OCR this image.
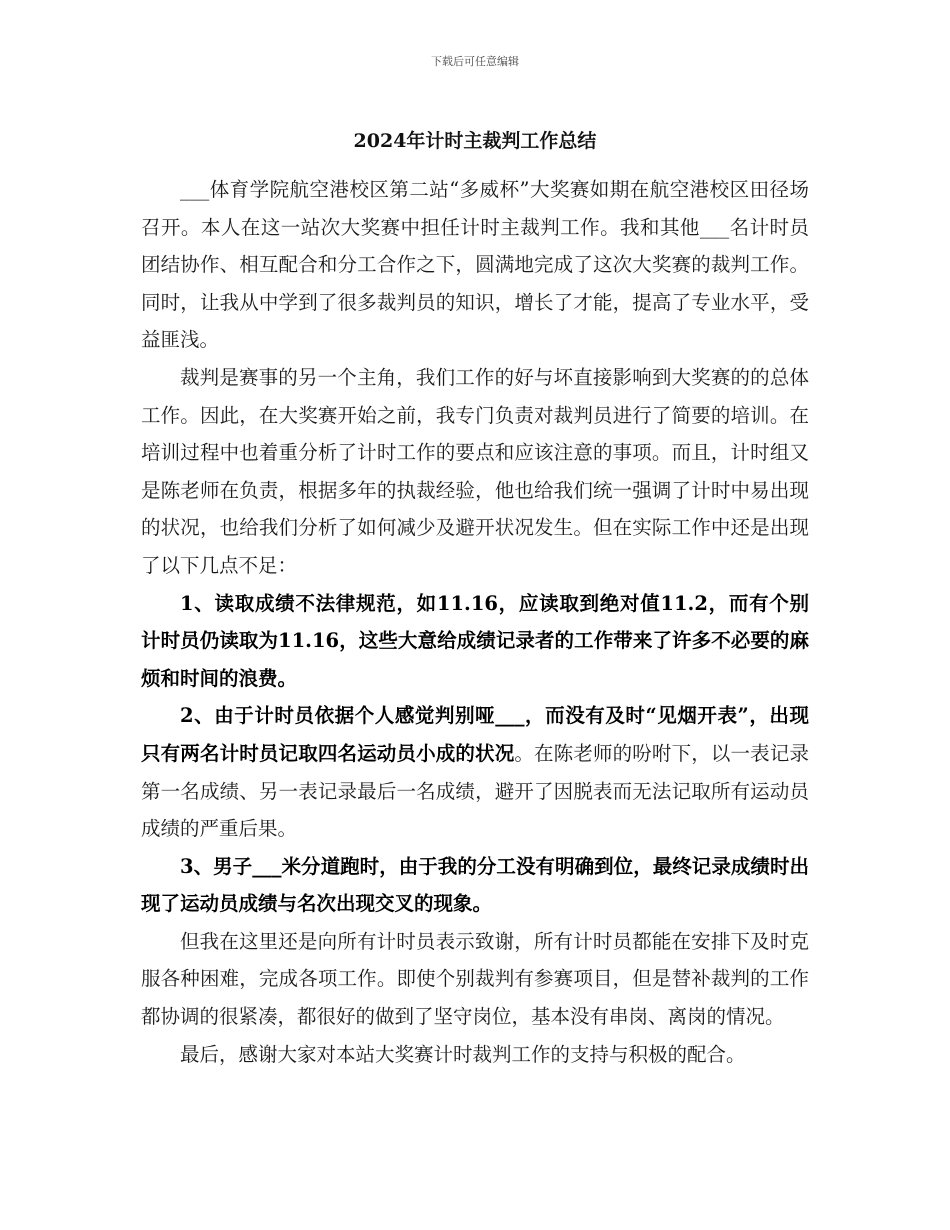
下载后可任意编辑
2024年计时主裁判工作总结

___体育学院航空港校区第二站“多威杯”大奖赛如期在航空港校区田径场召开。本人在这一站次大奖赛中担任计时主裁判工作。我和其他___名计时员团结协作、相互配合和分工合作之下，圆满地完成了这次大奖赛的裁判工作。同时，让我从中学到了很多裁判员的知识，增长了才能，提高了专业水平，受益匪浅。

裁判是赛事的另一个主角，我们工作的好与坏直接影响到大奖赛的的总体工作。因此，在大奖赛开始之前，我专门负责对裁判员进行了简要的培训。在培训过程中也着重分析了计时工作的要点和应该注意的事项。而且，计时组又是陈老师在负责，根据多年的执裁经验，他也给我们统一强调了计时中易出现的状况，也给我们分析了如何减少及避开状况发生。但在实际工作中还是出现了以下几点不足：

1、读取成绩不法律规范，如11.16，应读取到绝对值11.2，而有个别计时员仍读取为11.16，这些大意给成绩记录者的工作带来了许多不必要的麻烦和时间的浪费。

2、由于计时员依据个人感觉判别哑___，而没有及时“见烟开表”，出现只有两名计时员记取四名运动员小成的状况。在陈老师的吩咐下，以一表记录第一名成绩、另一表记录最后一名成绩，避开了因脱表而无法记取所有运动员成绩的严重后果。

3、男子___米分道跑时，由于我的分工没有明确到位，最终记录成绩时出现了运动员成绩与名次出现交叉的现象。

但我在这里还是向所有计时员表示致谢，所有计时员都能在安排下及时克服各种困难，完成各项工作。即使个别裁判有参赛项目，但是替补裁判的工作都协调的很紧凑，都很好的做到了坚守岗位，基本没有串岗、离岗的情况。

最后，感谢大家对本站大奖赛计时裁判工作的支持与积极的配合。
